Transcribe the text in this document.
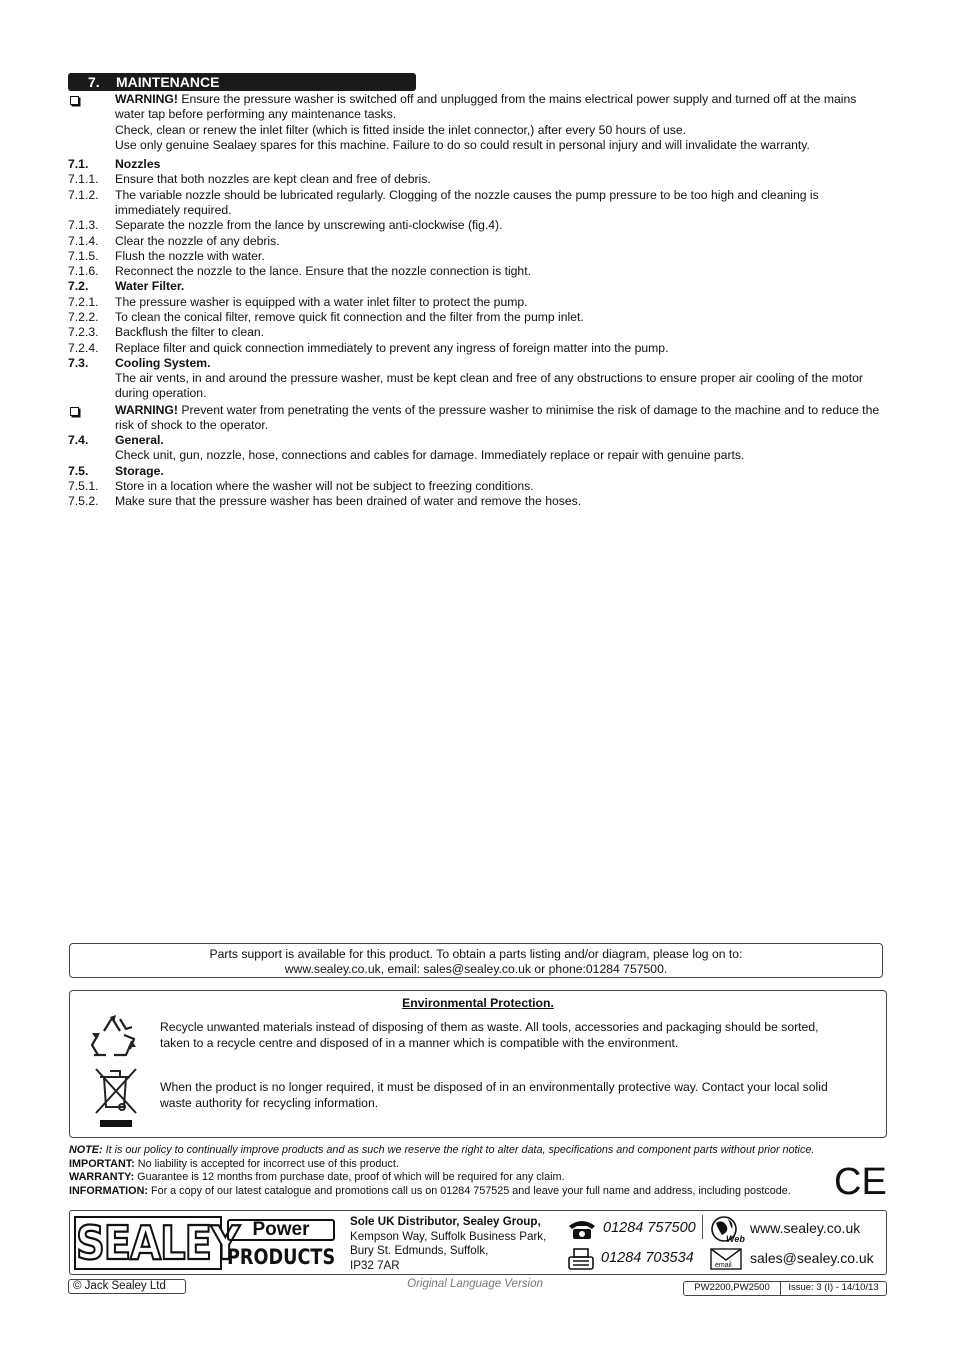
7. MAINTENANCE
WARNING! Ensure the pressure washer is switched off and unplugged from the mains electrical power supply and turned off at the mains water tap before performing any maintenance tasks.
Check, clean or renew the inlet filter (which is fitted inside the inlet connector,) after every 50 hours of use.
Use only genuine Sealaey spares for this machine. Failure to do so could result in personal injury and will invalidate the warranty.
7.1. Nozzles
7.1.1. Ensure that both nozzles are kept clean and free of debris.
7.1.2. The variable nozzle should be lubricated regularly. Clogging of the nozzle causes the pump pressure to be too high and cleaning is immediately required.
7.1.3. Separate the nozzle from the lance by unscrewing anti-clockwise (fig.4).
7.1.4. Clear the nozzle of any debris.
7.1.5. Flush the nozzle with water.
7.1.6. Reconnect the nozzle to the lance. Ensure that the nozzle connection is tight.
7.2. Water Filter.
7.2.1. The pressure washer is equipped with a water inlet filter to protect the pump.
7.2.2. To clean the conical filter, remove quick fit connection and the filter from the pump inlet.
7.2.3. Backflush the filter to clean.
7.2.4. Replace filter and quick connection immediately to prevent any ingress of foreign matter into the pump.
7.3. Cooling System.
The air vents, in and around the pressure washer, must be kept clean and free of any obstructions to ensure proper air cooling of the motor during operation.
WARNING! Prevent water from penetrating the vents of the pressure washer to minimise the risk of damage to the machine and to reduce the risk of shock to the operator.
7.4. General.
Check unit, gun, nozzle, hose, connections and cables for damage. Immediately replace or repair with genuine parts.
7.5. Storage.
7.5.1. Store in a location where the washer will not be subject to freezing conditions.
7.5.2. Make sure that the pressure washer has been drained of water and remove the hoses.
Parts support is available for this product. To obtain a parts listing and/or diagram, please log on to:
www.sealey.co.uk, email: sales@sealey.co.uk or phone:01284 757500.
Environmental Protection.
Recycle unwanted materials instead of disposing of them as waste. All tools, accessories and packaging should be sorted, taken to a recycle centre and disposed of in a manner which is compatible with the environment.
When the product is no longer required, it must be disposed of in an environmentally protective way. Contact your local solid waste authority for recycling information.
NOTE: It is our policy to continually improve products and as such we reserve the right to alter data, specifications and component parts without prior notice.
IMPORTANT: No liability is accepted for incorrect use of this product.
WARRANTY: Guarantee is 12 months from purchase date, proof of which will be required for any claim.
INFORMATION: For a copy of our latest catalogue and promotions call us on 01284 757525 and leave your full name and address, including postcode.	CE
SEALEY Power
PRODUCTS
Sole UK Distributor, Sealey Group,
Kempson Way, Suffolk Business Park,
Bury St. Edmunds, Suffolk,
IP32 7AR
01284 757500
01284 703534
Web
www.sealey.co.uk
email sales@sealey.co.uk
© Jack Sealey Ltd	Original Language Version	PW2200,PW2500	Issue: 3 (I) - 14/10/13
